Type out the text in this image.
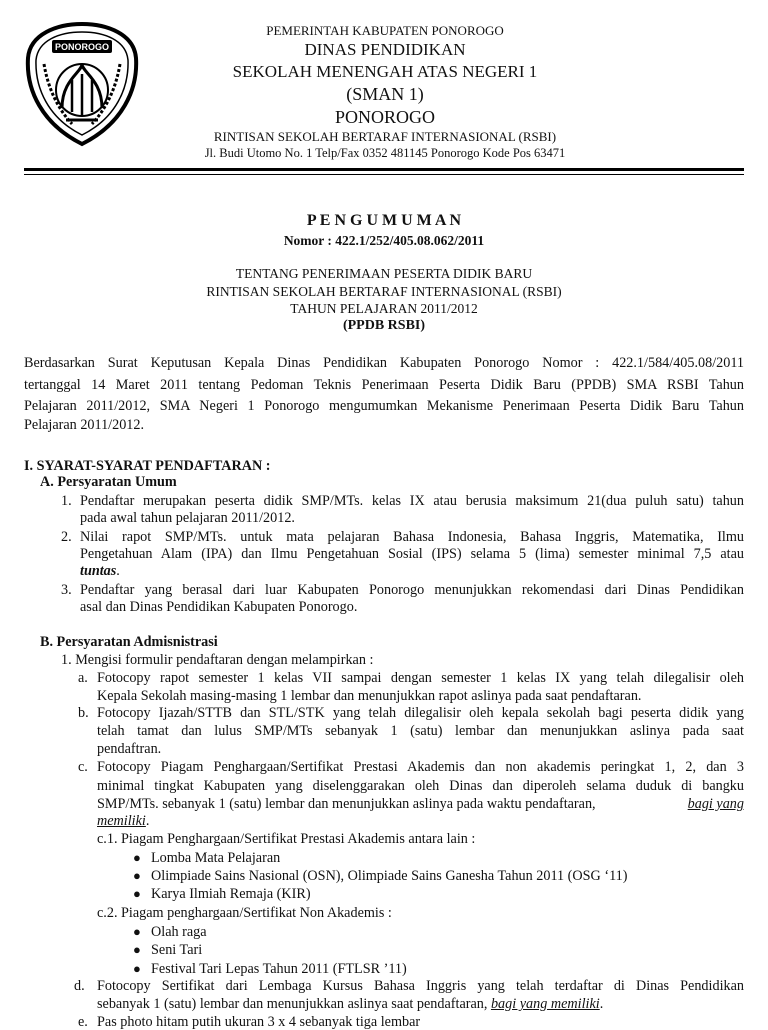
PONOROGO
PEMERINTAH KABUPATEN PONOROGO
DINAS PENDIDIKAN
SEKOLAH MENENGAH ATAS NEGERI 1
(SMAN 1)
PONOROGO
RINTISAN SEKOLAH BERTARAF INTERNASIONAL (RSBI)
Jl. Budi Utomo No. 1 Telp/Fax 0352 481145 Ponorogo Kode Pos 63471
P E N G U M U M A N
Nomor : 422.1/252/405.08.062/2011
TENTANG PENERIMAAN PESERTA DIDIK BARU
RINTISAN SEKOLAH BERTARAF INTERNASIONAL (RSBI)
TAHUN PELAJARAN 2011/2012
(PPDB RSBI)
Berdasarkan Surat Keputusan Kepala Dinas Pendidikan Kabupaten Ponorogo Nomor : 422.1/584/405.08/2011
tertanggal 14 Maret 2011 tentang Pedoman Teknis Penerimaan Peserta Didik Baru (PPDB) SMA RSBI Tahun
Pelajaran 2011/2012, SMA Negeri 1 Ponorogo mengumumkan Mekanisme Penerimaan Peserta Didik Baru Tahun
Pelajaran 2011/2012.
I. SYARAT-SYARAT PENDAFTARAN :
A. Persyaratan Umum
1. Pendaftar merupakan peserta didik SMP/MTs. kelas IX atau berusia maksimum 21(dua puluh satu) tahun
pada awal tahun pelajaran 2011/2012.
2. Nilai rapot SMP/MTs. untuk mata pelajaran Bahasa Indonesia, Bahasa Inggris, Matematika, Ilmu
Pengetahuan Alam (IPA) dan Ilmu Pengetahuan Sosial (IPS) selama 5 (lima) semester minimal 7,5 atau
tuntas.
3. Pendaftar yang berasal dari luar Kabupaten Ponorogo menunjukkan rekomendasi dari Dinas Pendidikan
asal dan Dinas Pendidikan Kabupaten Ponorogo.
B. Persyaratan Admisnistrasi
1. Mengisi formulir pendaftaran dengan melampirkan :
a. Fotocopy rapot semester 1 kelas VII sampai dengan semester 1 kelas IX yang telah dilegalisir oleh
Kepala Sekolah masing-masing 1 lembar dan menunjukkan rapot aslinya pada saat pendaftaran.
b. Fotocopy Ijazah/STTB dan STL/STK yang telah dilegalisir oleh kepala sekolah bagi peserta didik yang
telah tamat dan lulus SMP/MTs sebanyak 1 (satu) lembar dan menunjukkan aslinya pada saat
pendaftran.
c. Fotocopy Piagam Penghargaan/Sertifikat Prestasi Akademis dan non akademis peringkat 1, 2, dan 3
minimal tingkat Kabupaten yang diselenggarakan oleh Dinas dan diperoleh selama duduk di bangku
SMP/MTs. sebanyak 1 (satu) lembar dan menunjukkan aslinya pada waktu pendaftaran,	bagi yang
memiliki.
c.1. Piagam Penghargaan/Sertifikat Prestasi Akademis antara lain :
● Lomba Mata Pelajaran
● Olimpiade Sains Nasional (OSN), Olimpiade Sains Ganesha Tahun 2011 (OSG ‘11)
● Karya Ilmiah Remaja (KIR)
c.2. Piagam penghargaan/Sertifikat Non Akademis :
● Olah raga
● Seni Tari
● Festival Tari Lepas Tahun 2011 (FTLSR ’11)
d. Fotocopy Sertifikat dari Lembaga Kursus Bahasa Inggris yang telah terdaftar di Dinas Pendidikan
sebanyak 1 (satu) lembar dan menunjukkan aslinya saat pendaftaran, bagi yang memiliki.
e. Pas photo hitam putih ukuran 3 x 4 sebanyak tiga lembar
